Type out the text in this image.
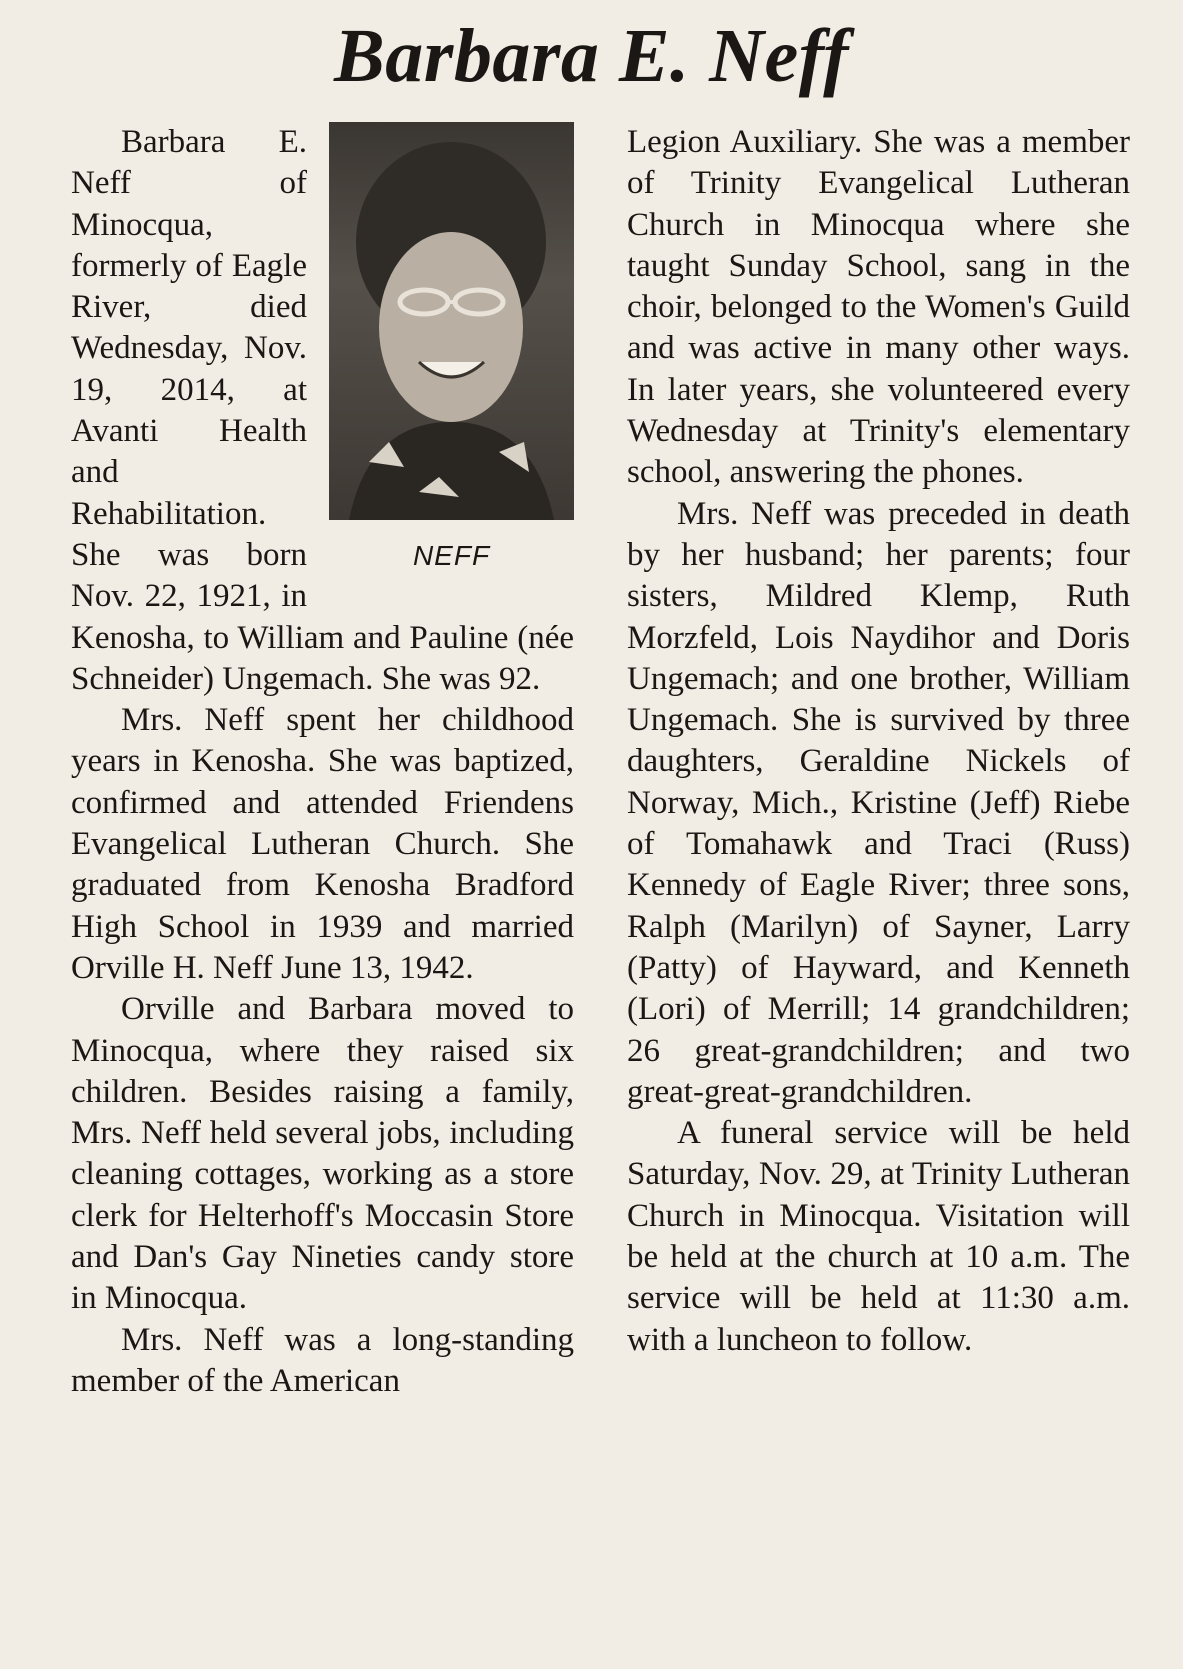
Barbara E. Neff
NEFF

Barbara E. Neff of Minocqua, formerly of Eagle River, died Wednesday, Nov. 19, 2014, at Avanti Health and Rehabilitation. She was born Nov. 22, 1921, in Kenosha, to William and Pauline (née Schneider) Ungemach. She was 92.

Mrs. Neff spent her childhood years in Kenosha. She was baptized, confirmed and attended Friendens Evangelical Lutheran Church. She graduated from Kenosha Bradford High School in 1939 and married Orville H. Neff June 13, 1942.

Orville and Barbara moved to Minocqua, where they raised six children. Besides raising a family, Mrs. Neff held several jobs, including cleaning cottages, working as a store clerk for Helterhoff's Moccasin Store and Dan's Gay Nineties candy store in Minocqua.

Mrs. Neff was a long-standing member of the American

Legion Auxiliary. She was a member of Trinity Evangelical Lutheran Church in Minocqua where she taught Sunday School, sang in the choir, belonged to the Women's Guild and was active in many other ways. In later years, she volunteered every Wednesday at Trinity's elementary school, answering the phones.

Mrs. Neff was preceded in death by her husband; her parents; four sisters, Mildred Klemp, Ruth Morzfeld, Lois Naydihor and Doris Ungemach; and one brother, William Ungemach. She is survived by three daughters, Geraldine Nickels of Norway, Mich., Kristine (Jeff) Riebe of Tomahawk and Traci (Russ) Kennedy of Eagle River; three sons, Ralph (Marilyn) of Sayner, Larry (Patty) of Hayward, and Kenneth (Lori) of Merrill; 14 grandchildren; 26 great-grandchildren; and two great-great-grandchildren.

A funeral service will be held Saturday, Nov. 29, at Trinity Lutheran Church in Minocqua. Visitation will be held at the church at 10 a.m. The service will be held at 11:30 a.m. with a luncheon to follow.
